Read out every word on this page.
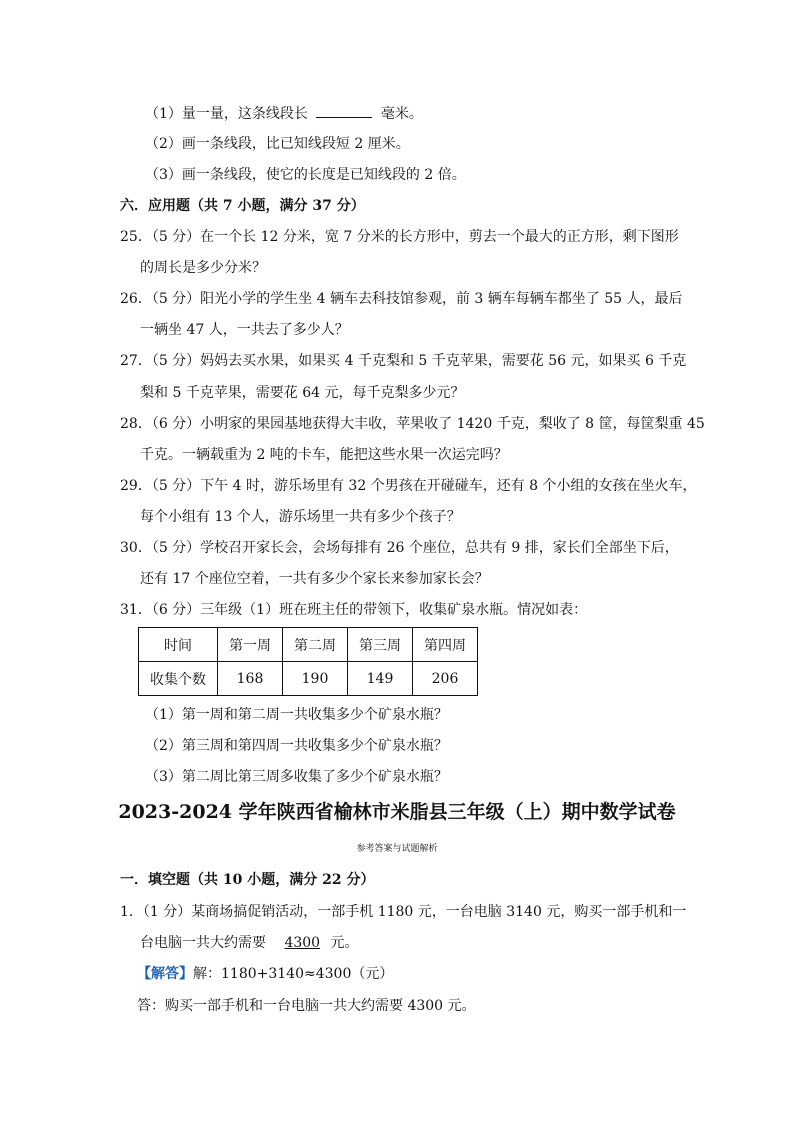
（1）量一量，这条线段长	毫米。
（2）画一条线段，比已知线段短 2 厘米。
（3）画一条线段，使它的长度是已知线段的 2 倍。
六．应用题（共 7 小题，满分 37 分）
25．（5 分）在一个长 12 分米，宽 7 分米的长方形中，剪去一个最大的正方形，剩下图形
的周长是多少分米？
26．（5 分）阳光小学的学生坐 4 辆车去科技馆参观，前 3 辆车每辆车都坐了 55 人，最后
一辆坐 47 人，一共去了多少人？
27．（5 分）妈妈去买水果，如果买 4 千克梨和 5 千克苹果，需要花 56 元，如果买 6 千克
梨和 5 千克苹果，需要花 64 元，每千克梨多少元？
28．（6 分）小明家的果园基地获得大丰收，苹果收了 1420 千克，梨收了 8 筐，每筐梨重 45
千克。一辆载重为 2 吨的卡车，能把这些水果一次运完吗？
29．（5 分）下午 4 时，游乐场里有 32 个男孩在开碰碰车，还有 8 个小组的女孩在坐火车，
每个小组有 13 个人，游乐场里一共有多少个孩子？
30．（5 分）学校召开家长会，会场每排有 26 个座位，总共有 9 排，家长们全部坐下后，
还有 17 个座位空着，一共有多少个家长来参加家长会？
31．（6 分）三年级（1）班在班主任的带领下，收集矿泉水瓶。情况如表：
时间	第一周	第二周	第三周	第四周
收集个数	168	190	149	206
（1）第一周和第二周一共收集多少个矿泉水瓶？
（2）第三周和第四周一共收集多少个矿泉水瓶？
（3）第二周比第三周多收集了多少个矿泉水瓶？
2023-2024 学年陕西省榆林市米脂县三年级（上）期中数学试卷
参考答案与试题解析
一．填空题（共 10 小题，满分 22 分）
1．（1 分）某商场搞促销活动，一部手机 1180 元，一台电脑 3140 元，购买一部手机和一
台电脑一共大约需要 4300 元。
【解答】解：1180+3140≈4300（元）
答：购买一部手机和一台电脑一共大约需要 4300 元。
